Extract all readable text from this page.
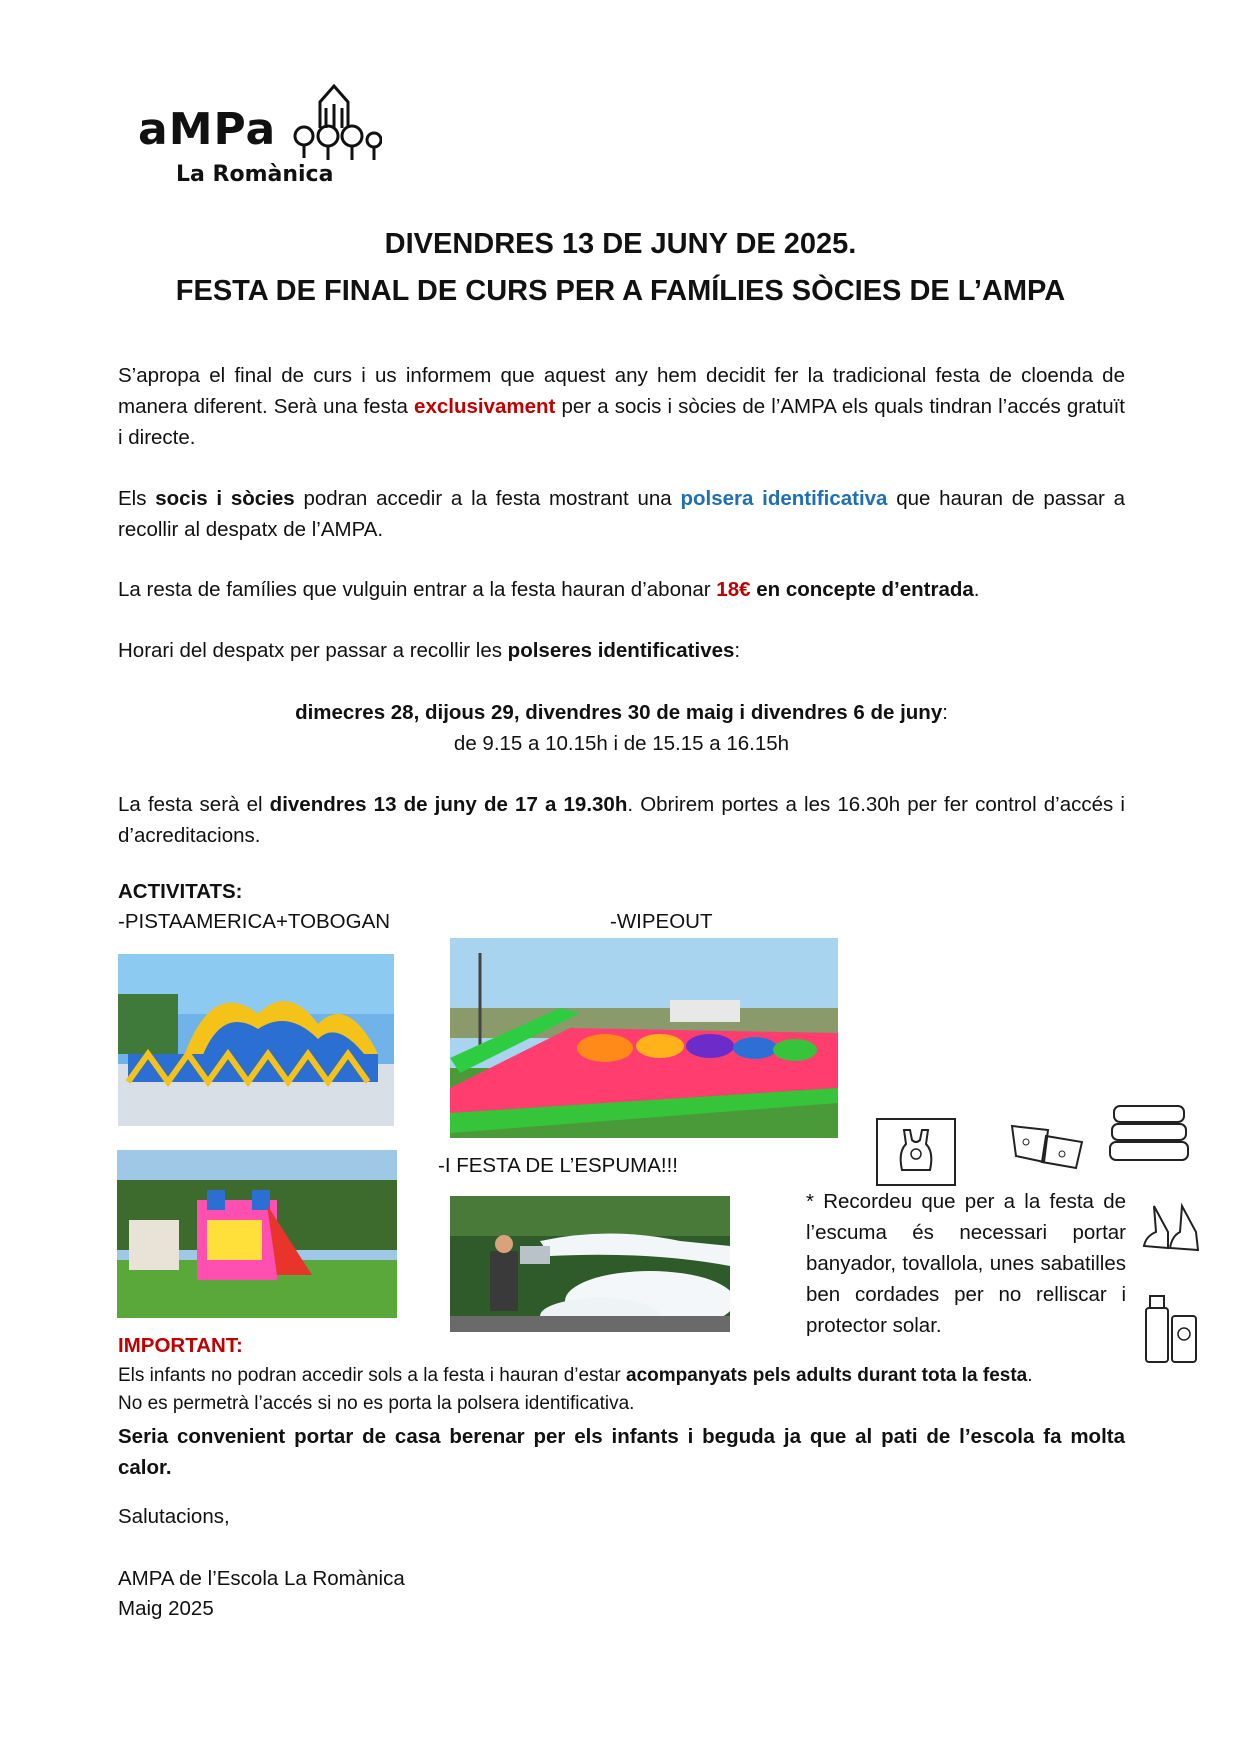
aMPa
La Romànica
DIVENDRES 13 DE JUNY DE 2025.
FESTA DE FINAL DE CURS PER A FAMÍLIES SÒCIES DE L’AMPA
S’apropa el final de curs i us informem que aquest any hem decidit fer la tradicional festa de cloenda de manera diferent. Serà una festa exclusivament per a socis i sòcies de l’AMPA els quals tindran l’accés gratuït i directe.
Els socis i sòcies podran accedir a la festa mostrant una polsera identificativa que hauran de passar a recollir al despatx de l’AMPA.
La resta de famílies que vulguin entrar a la festa hauran d’abonar 18€ en concepte d’entrada.
Horari del despatx per passar a recollir les polseres identificatives:
dimecres 28, dijous 29, divendres 30 de maig i divendres 6 de juny:
de 9.15 a 10.15h i de 15.15 a 16.15h
La festa serà el divendres 13 de juny de 17 a 19.30h. Obrirem portes a les 16.30h per fer control d’accés i d’acreditacions.
ACTIVITATS:
-PISTAAMERICA+TOBOGAN	-WIPEOUT
-I FESTA DE L’ESPUMA!!!
* Recordeu que per a la festa de l’escuma és necessari portar banyador, tovallola, unes sabatilles ben cordades per no relliscar i protector solar.
IMPORTANT:
Els infants no podran accedir sols a la festa i hauran d’estar acompanyats pels adults durant tota la festa.
No es permetrà l’accés si no es porta la polsera identificativa.
Seria convenient portar de casa berenar per els infants i beguda ja que al pati de l’escola fa molta calor.
Salutacions,
AMPA de l’Escola La Romànica
Maig 2025
